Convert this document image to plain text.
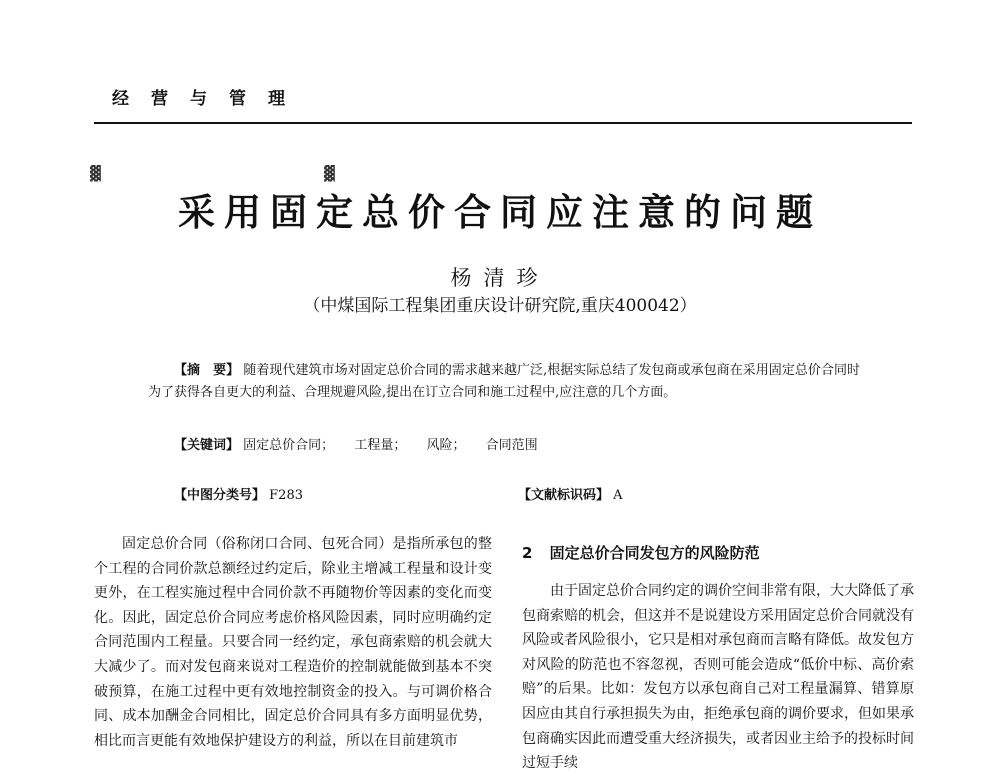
▓
经营与管理
▓
采用固定总价合同应注意的问题
杨清珍
（中煤国际工程集团重庆设计研究院,重庆400042）
【摘　要】 随着现代建筑市场对固定总价合同的需求越来越广泛,根据实际总结了发包商或承包商在采用固定总价合同时为了获得各自更大的利益、合理规避风险,提出在订立合同和施工过程中,应注意的几个方面。
【关键词】 固定总价合同； 工程量； 风险； 合同范围
【中图分类号】 F283	【文献标识码】 A
固定总价合同（俗称闭口合同、包死合同）是指所承包的整个工程的合同价款总额经过约定后，除业主增减工程量和设计变更外，在工程实施过程中合同价款不再随物价等因素的变化而变化。因此，固定总价合同应考虑价格风险因素，同时应明确约定合同范围内工程量。只要合同一经约定，承包商索赔的机会就大大减少了。而对发包商来说对工程造价的控制就能做到基本不突破预算，在施工过程中更有效地控制资金的投入。与可调价格合同、成本加酬金合同相比，固定总价合同具有多方面明显优势，相比而言更能有效地保护建设方的利益，所以在目前建筑市
2 固定总价合同发包方的风险防范
由于固定总价合同约定的调价空间非常有限，大大降低了承包商索赔的机会，但这并不是说建设方采用固定总价合同就没有风险或者风险很小，它只是相对承包商而言略有降低。故发包方对风险的防范也不容忽视，否则可能会造成“低价中标、高价索赔”的后果。比如：发包方以承包商自己对工程量漏算、错算原因应由其自行承担损失为由，拒绝承包商的调价要求，但如果承包商确实因此而遭受重大经济损失，或者因业主给予的投标时间过短手续
